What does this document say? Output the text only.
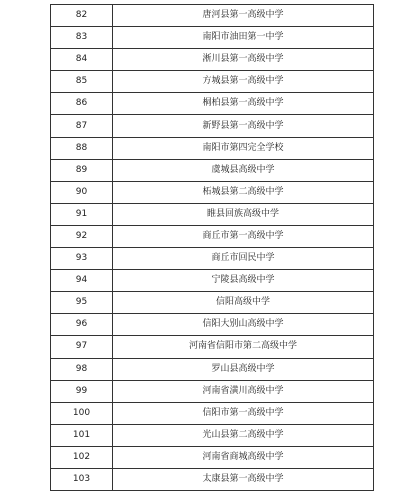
82	唐河县第一高级中学
83	南阳市油田第一中学
84	淅川县第一高级中学
85	方城县第一高级中学
86	桐柏县第一高级中学
87	新野县第一高级中学
88	南阳市第四完全学校
89	虞城县高级中学
90	柘城县第二高级中学
91	睢县回族高级中学
92	商丘市第一高级中学
93	商丘市回民中学
94	宁陵县高级中学
95	信阳高级中学
96	信阳大别山高级中学
97	河南省信阳市第二高级中学
98	罗山县高级中学
99	河南省潢川高级中学
100	信阳市第一高级中学
101	光山县第二高级中学
102	河南省商城高级中学
103	太康县第一高级中学
